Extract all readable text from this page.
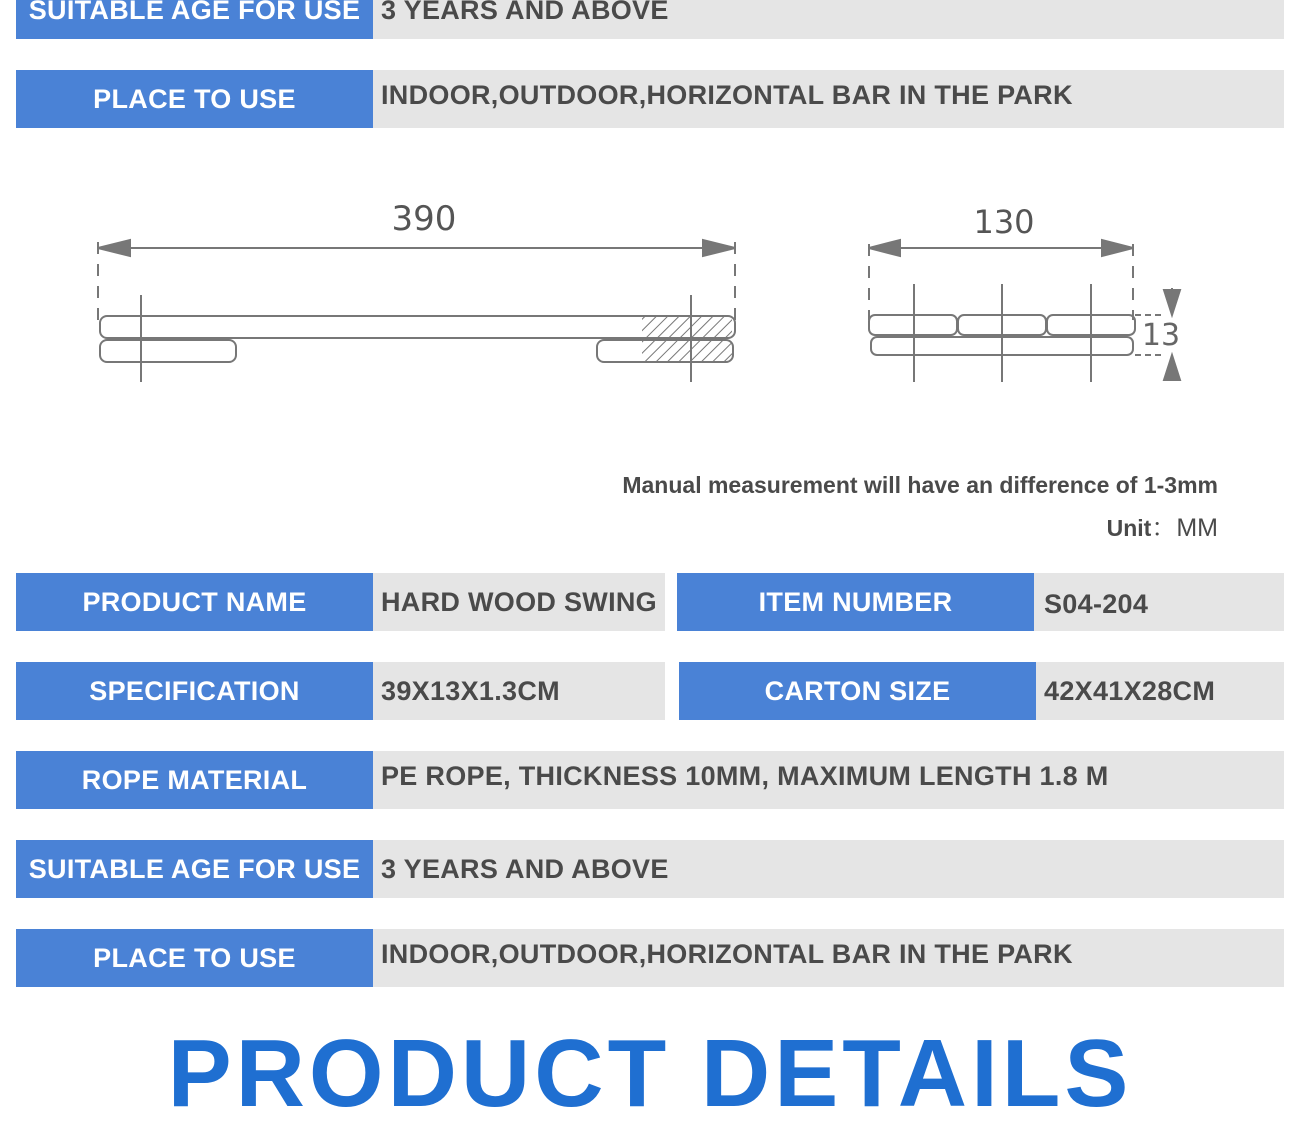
SUITABLE AGE FOR USE 3 YEARS AND ABOVE
PLACE TO USE	INDOOR,OUTDOOR,HORIZONTAL BAR IN THE PARK
390	130
13
Manual measurement will have an difference of 1-3mm
Unit：MM
PRODUCT NAME	HARD WOOD SWING	ITEM NUMBER	S04-204
SPECIFICATION	39X13X1.3CM	CARTON SIZE	42X41X28CM
ROPE MATERIAL	PE ROPE, THICKNESS 10MM, MAXIMUM LENGTH 1.8 M
SUITABLE AGE FOR USE 3 YEARS AND ABOVE
PLACE TO USE	INDOOR,OUTDOOR,HORIZONTAL BAR IN THE PARK
PRODUCT DETAILS
